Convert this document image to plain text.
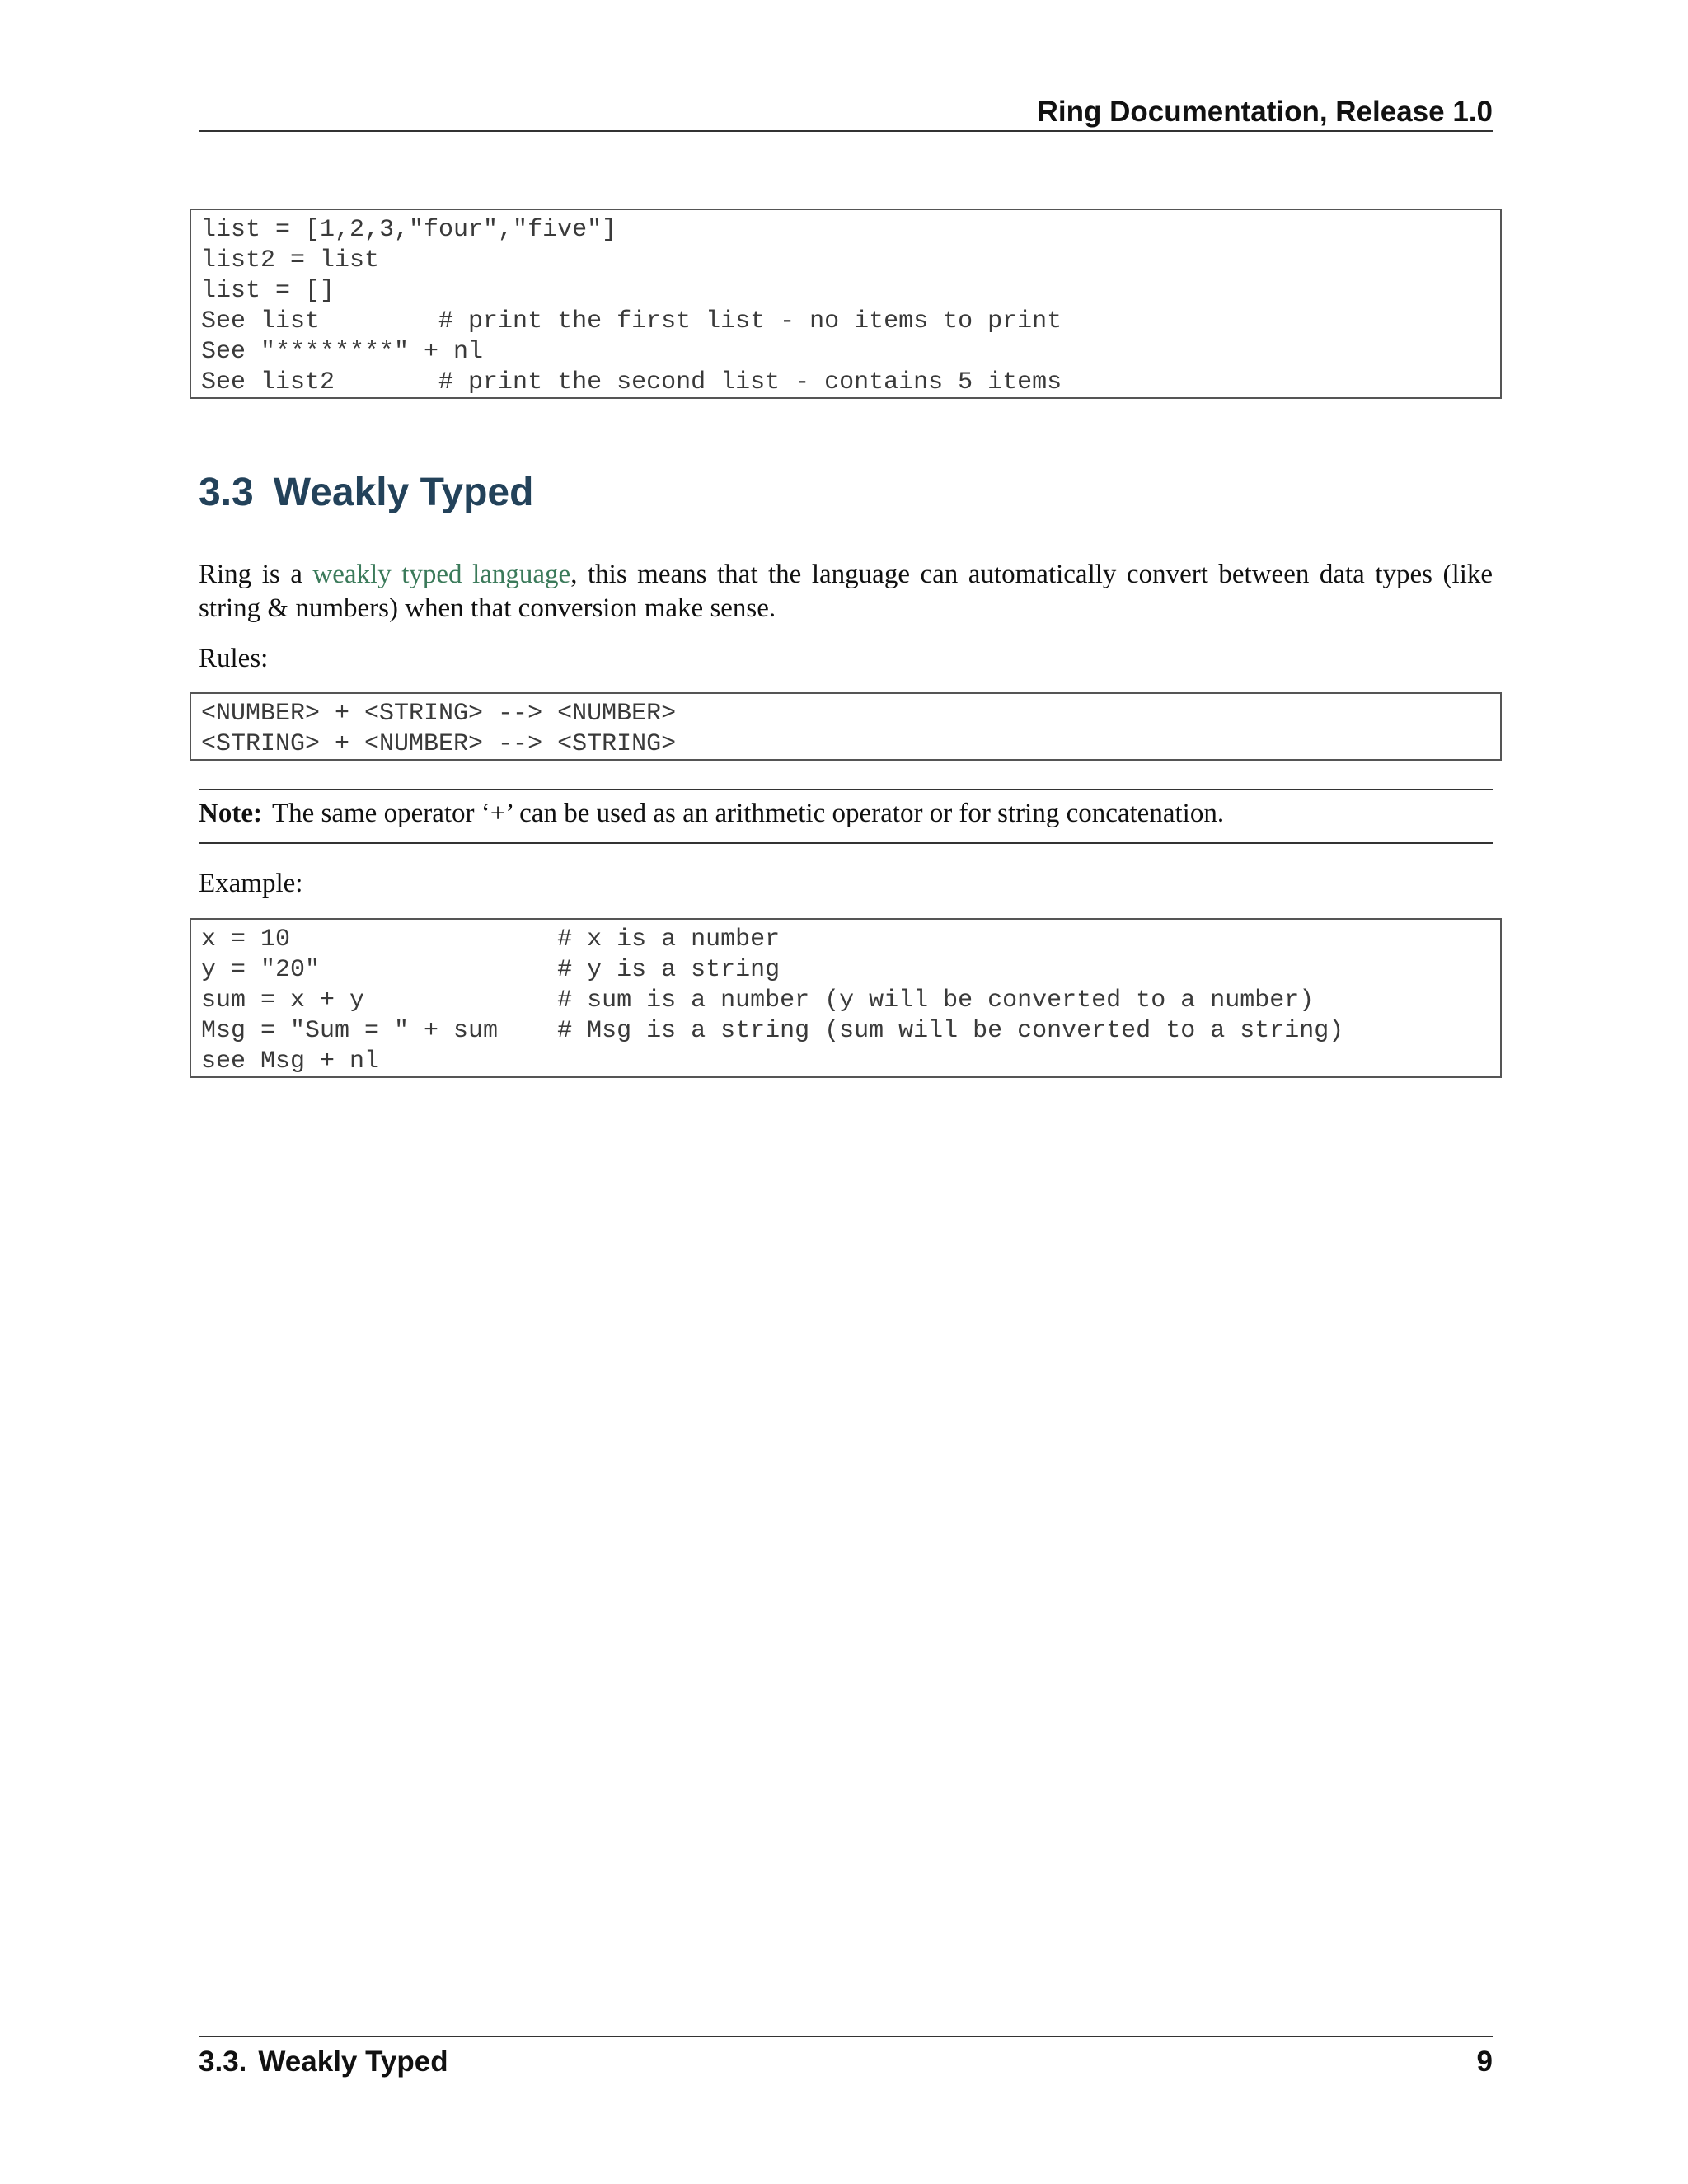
Ring Documentation, Release 1.0
list = [1,2,3,"four","five"]
list2 = list
list = []
See list        # print the first list - no items to print
See "********" + nl
See list2       # print the second list - contains 5 items
3.3 Weakly Typed

Ring is a weakly typed language, this means that the language can automatically convert between data types (like string & numbers) when that conversion make sense.

Rules:

<NUMBER> + <STRING> --> <NUMBER>
<STRING> + <NUMBER> --> <STRING>

Note: The same operator ‘+’ can be used as an arithmetic operator or for string concatenation.

Example:

x = 10                  # x is a number
y = "20"                # y is a string
sum = x + y             # sum is a number (y will be converted to a number)
Msg = "Sum = " + sum    # Msg is a string (sum will be converted to a string)
see Msg + nl
3.3. Weakly Typed	9
